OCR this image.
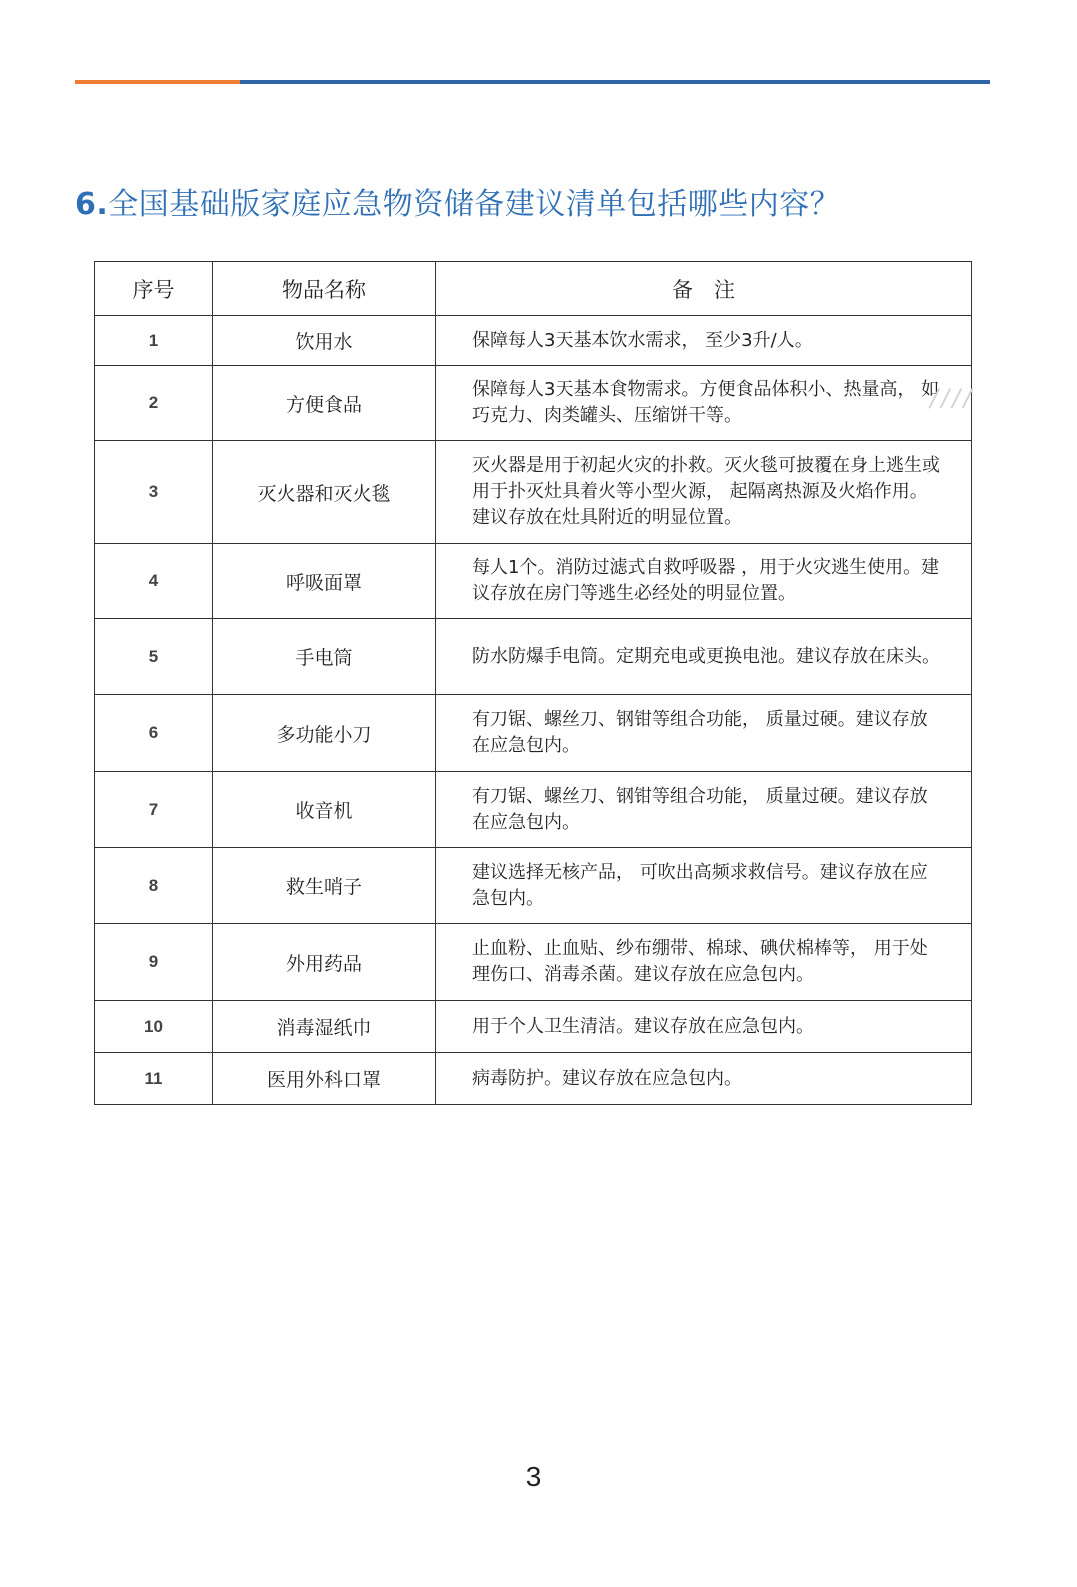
6.全国基础版家庭应急物资储备建议清单包括哪些内容？
序号	物品名称	备　注
1	饮用水	保障每人3天基本饮水需求， 至少3升/人。
2	方便食品	保障每人3天基本食物需求。方便食品体积小、热量高， 如巧克力、肉类罐头、压缩饼干等。
3	灭火器和灭火毯	灭火器是用于初起火灾的扑救。灭火毯可披覆在身上逃生或用于扑灭灶具着火等小型火源， 起隔离热源及火焰作用。建议存放在灶具附近的明显位置。
4	呼吸面罩	每人1个。消防过滤式自救呼吸器 ，用于火灾逃生使用。建议存放在房门等逃生必经处的明显位置。
5	手电筒	防水防爆手电筒。定期充电或更换电池。建议存放在床头。
6	多功能小刀	有刀锯、螺丝刀、钢钳等组合功能， 质量过硬。建议存放在应急包内。
7	收音机	有刀锯、螺丝刀、钢钳等组合功能， 质量过硬。建议存放在应急包内。
8	救生哨子	建议选择无核产品， 可吹出高频求救信号。建议存放在应急包内。
9	外用药品	止血粉、止血贴、纱布绷带、棉球、碘伏棉棒等， 用于处理伤口、消毒杀菌。建议存放在应急包内。
10	消毒湿纸巾	用于个人卫生清洁。建议存放在应急包内。
11	医用外科口罩	病毒防护。建议存放在应急包内。
////
3
